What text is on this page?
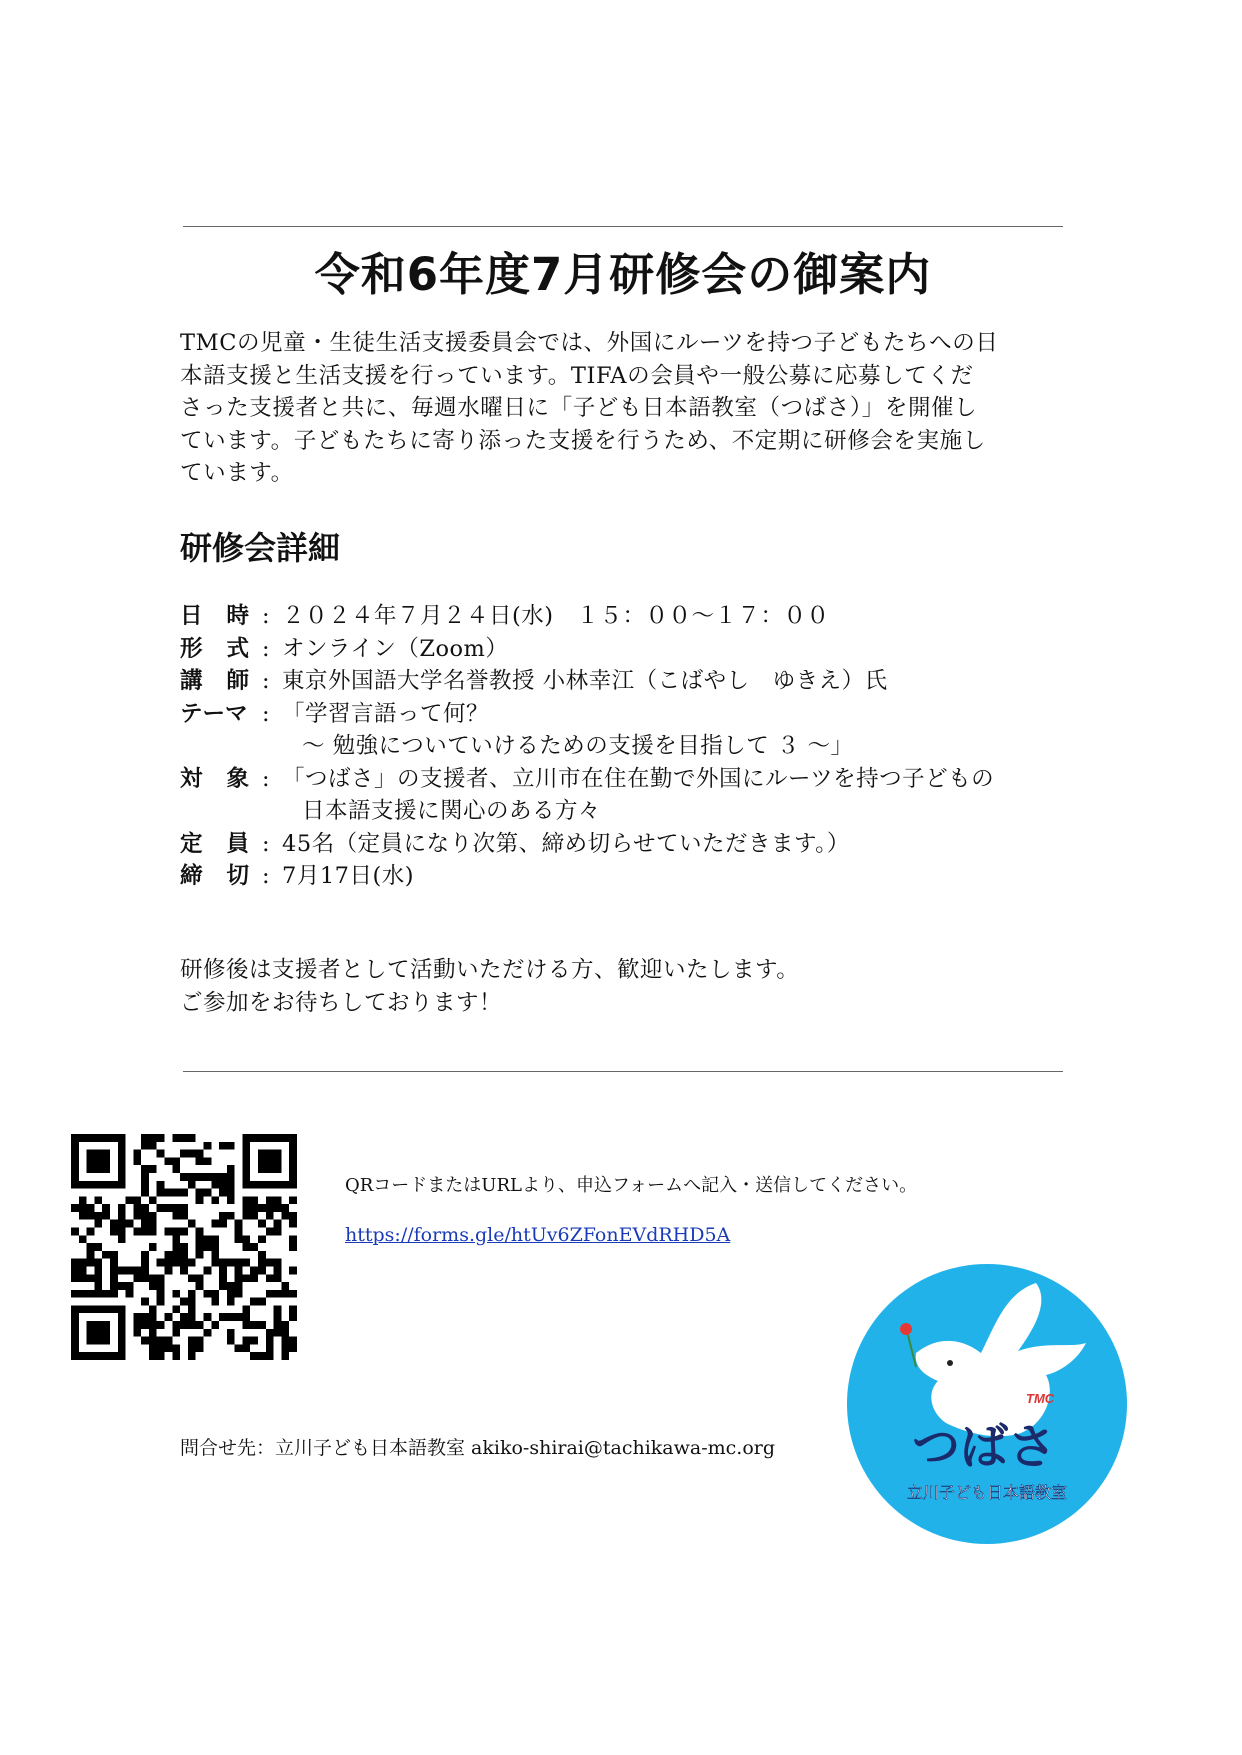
令和6年度7月研修会の御案内
TMCの児童・生徒生活支援委員会では、外国にルーツを持つ子どもたちへの日
本語支援と生活支援を行っています。TIFAの会員や一般公募に応募してくだ
さった支援者と共に、毎週水曜日に「子ども日本語教室（つばさ）」を開催し
ています。子どもたちに寄り添った支援を行うため、不定期に研修会を実施し
ています。
研修会詳細
日 時 : ２０２４年７月２４日(水)　１５：００～１７：００
形 式 : オンライン（Zoom）
講 師 : 東京外国語大学名誉教授 小林幸江（こばやし　ゆきえ）氏
テーマ : 「学習言語って何？
～ 勉強についていけるための支援を目指して ３ ～」
対 象 : 「つばさ」の支援者、立川市在住在勤で外国にルーツを持つ子どもの
日本語支援に関心のある方々
定 員 : 45名（定員になり次第、締め切らせていただきます。）
締 切 : 7月17日(水)
研修後は支援者として活動いただける方、歓迎いたします。
ご参加をお待ちしております！
QRコードまたはURLより、申込フォームへ記入・送信してください。
https://forms.gle/htUv6ZFonEVdRHD5A
問合せ先：立川子ども日本語教室 akiko-shirai@tachikawa-mc.org
TMC
つばさ
立川子ども日本語教室
